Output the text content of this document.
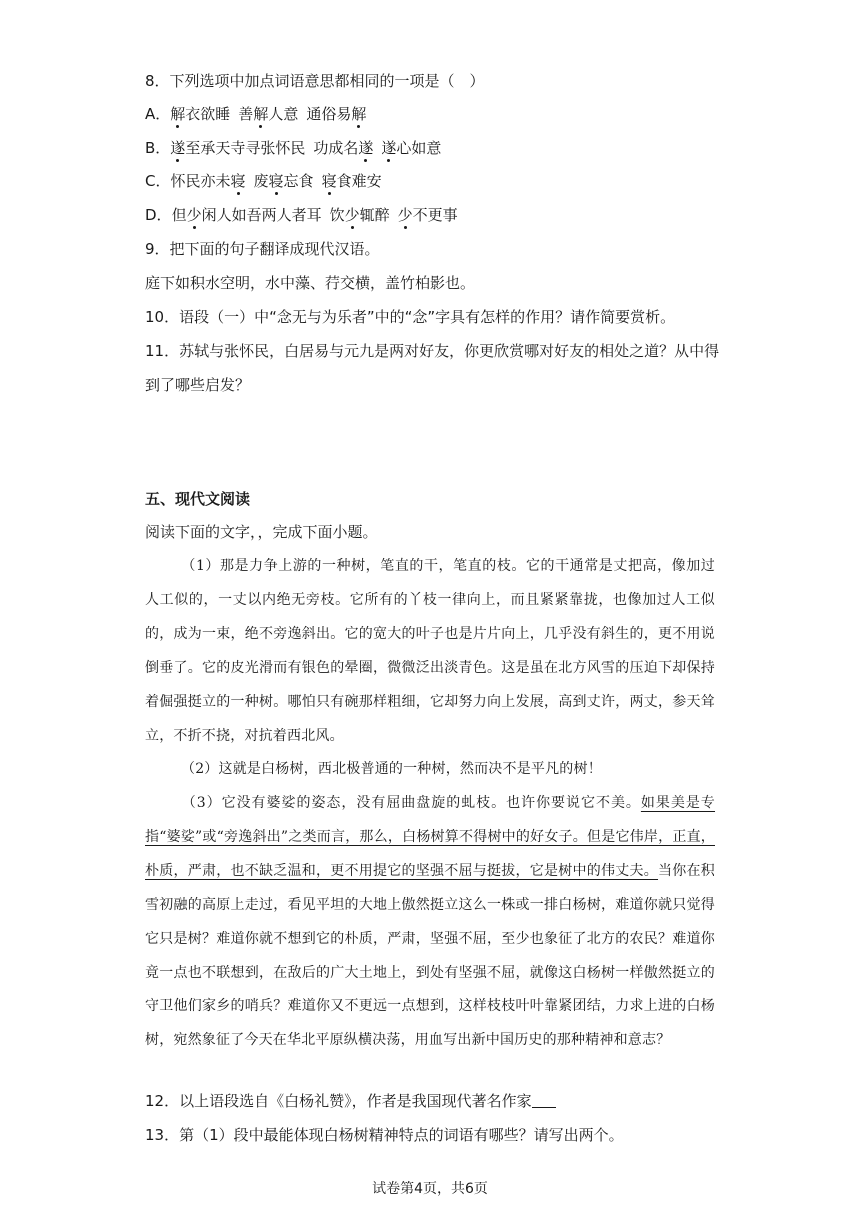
8．下列选项中加点词语意思都相同的一项是（　）
A．解衣欲睡 善解人意 通俗易解
B．遂至承天寺寻张怀民 功成名遂 遂心如意
C．怀民亦未寝 废寝忘食 寝食难安
D．但少闲人如吾两人者耳 饮少辄醉 少不更事
9．把下面的句子翻译成现代汉语。
庭下如积水空明，水中藻、荇交横，盖竹柏影也。
10．语段（一）中“念无与为乐者”中的“念”字具有怎样的作用？请作简要赏析。
11．苏轼与张怀民，白居易与元九是两对好友，你更欣赏哪对好友的相处之道？从中得
到了哪些启发？
五、现代文阅读
阅读下面的文字，，完成下面小题。
（1）那是力争上游的一种树，笔直的干，笔直的枝。它的干通常是丈把高，像加过人工似的，一丈以内绝无旁枝。它所有的丫枝一律向上，而且紧紧靠拢，也像加过人工似的，成为一束，绝不旁逸斜出。它的宽大的叶子也是片片向上，几乎没有斜生的，更不用说倒垂了。它的皮光滑而有银色的晕圈，微微泛出淡青色。这是虽在北方风雪的压迫下却保持着倔强挺立的一种树。哪怕只有碗那样粗细，它却努力向上发展，高到丈许，两丈，参天耸立，不折不挠，对抗着西北风。
（2）这就是白杨树，西北极普通的一种树，然而决不是平凡的树！
（3）它没有婆娑的姿态，没有屈曲盘旋的虬枝。也许你要说它不美。如果美是专指“婆娑”或“旁逸斜出”之类而言，那么，白杨树算不得树中的好女子。但是它伟岸，正直，朴质，严肃，也不缺乏温和，更不用提它的坚强不屈与挺拔，它是树中的伟丈夫。当你在积雪初融的高原上走过，看见平坦的大地上傲然挺立这么一株或一排白杨树，难道你就只觉得它只是树？难道你就不想到它的朴质，严肃，坚强不屈，至少也象征了北方的农民？难道你竟一点也不联想到，在敌后的广大土地上，到处有坚强不屈，就像这白杨树一样傲然挺立的守卫他们家乡的哨兵？难道你又不更远一点想到，这样枝枝叶叶靠紧团结，力求上进的白杨树，宛然象征了今天在华北平原纵横决荡，用血写出新中国历史的那种精神和意志？
12．以上语段选自《白杨礼赞》，作者是我国现代著名作家
13．第（1）段中最能体现白杨树精神特点的词语有哪些？请写出两个。
试卷第4页，共6页
